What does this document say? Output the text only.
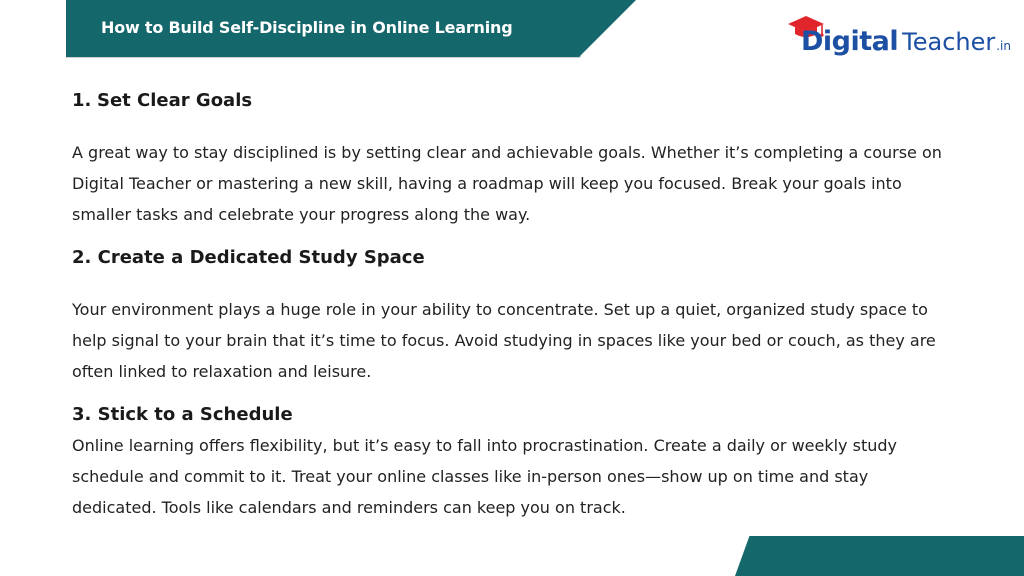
How to Build Self-Discipline in Online Learning	Digital Teacher.in
1. Set Clear Goals
A great way to stay disciplined is by setting clear and achievable goals. Whether it’s completing a course on Digital Teacher or mastering a new skill, having a roadmap will keep you focused. Break your goals into smaller tasks and celebrate your progress along the way.
2. Create a Dedicated Study Space
Your environment plays a huge role in your ability to concentrate. Set up a quiet, organized study space to help signal to your brain that it’s time to focus. Avoid studying in spaces like your bed or couch, as they are often linked to relaxation and leisure.
3. Stick to a Schedule
Online learning offers flexibility, but it’s easy to fall into procrastination. Create a daily or weekly study schedule and commit to it. Treat your online classes like in-person ones—show up on time and stay dedicated. Tools like calendars and reminders can keep you on track.
